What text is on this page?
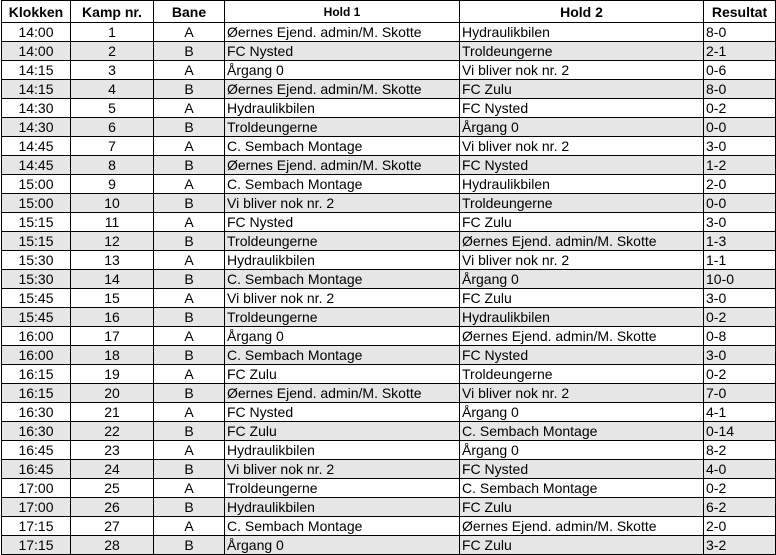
Klokken	Kamp nr.	Bane	Hold 1	Hold 2	Resultat
14:00	1	A	Øernes Ejend. admin/M. Skotte	Hydraulikbilen	8-0
14:00	2	B	FC Nysted	Troldeungerne	2-1
14:15	3	A	Årgang 0	Vi bliver nok nr. 2	0-6
14:15	4	B	Øernes Ejend. admin/M. Skotte	FC Zulu	8-0
14:30	5	A	Hydraulikbilen	FC Nysted	0-2
14:30	6	B	Troldeungerne	Årgang 0	0-0
14:45	7	A	C. Sembach Montage	Vi bliver nok nr. 2	3-0
14:45	8	B	Øernes Ejend. admin/M. Skotte	FC Nysted	1-2
15:00	9	A	C. Sembach Montage	Hydraulikbilen	2-0
15:00	10	B	Vi bliver nok nr. 2	Troldeungerne	0-0
15:15	11	A	FC Nysted	FC Zulu	3-0
15:15	12	B	Troldeungerne	Øernes Ejend. admin/M. Skotte	1-3
15:30	13	A	Hydraulikbilen	Vi bliver nok nr. 2	1-1
15:30	14	B	C. Sembach Montage	Årgang 0	10-0
15:45	15	A	Vi bliver nok nr. 2	FC Zulu	3-0
15:45	16	B	Troldeungerne	Hydraulikbilen	0-2
16:00	17	A	Årgang 0	Øernes Ejend. admin/M. Skotte	0-8
16:00	18	B	C. Sembach Montage	FC Nysted	3-0
16:15	19	A	FC Zulu	Troldeungerne	0-2
16:15	20	B	Øernes Ejend. admin/M. Skotte	Vi bliver nok nr. 2	7-0
16:30	21	A	FC Nysted	Årgang 0	4-1
16:30	22	B	FC Zulu	C. Sembach Montage	0-14
16:45	23	A	Hydraulikbilen	Årgang 0	8-2
16:45	24	B	Vi bliver nok nr. 2	FC Nysted	4-0
17:00	25	A	Troldeungerne	C. Sembach Montage	0-2
17:00	26	B	Hydraulikbilen	FC Zulu	6-2
17:15	27	A	C. Sembach Montage	Øernes Ejend. admin/M. Skotte	2-0
17:15	28	B	Årgang 0	FC Zulu	3-2
